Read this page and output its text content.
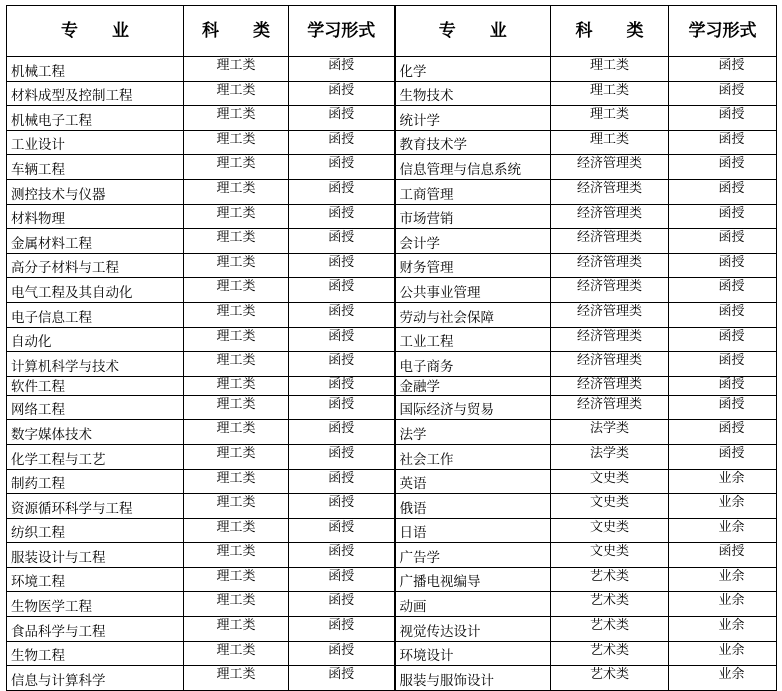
专 业	科 类	学习形式	专 业	科 类	学习形式
机械工程	理工类	函授	化学	理工类	函授
材料成型及控制工程	理工类	函授	生物技术	理工类	函授
机械电子工程	理工类	函授	统计学	理工类	函授
工业设计	理工类	函授	教育技术学	理工类	函授
车辆工程	理工类	函授	信息管理与信息系统	经济管理类	函授
测控技术与仪器	理工类	函授	工商管理	经济管理类	函授
材料物理	理工类	函授	市场营销	经济管理类	函授
金属材料工程	理工类	函授	会计学	经济管理类	函授
高分子材料与工程	理工类	函授	财务管理	经济管理类	函授
电气工程及其自动化	理工类	函授	公共事业管理	经济管理类	函授
电子信息工程	理工类	函授	劳动与社会保障	经济管理类	函授
自动化	理工类	函授	工业工程	经济管理类	函授
计算机科学与技术	理工类	函授	电子商务	经济管理类	函授
软件工程	理工类	函授	金融学	经济管理类	函授
网络工程	理工类	函授	国际经济与贸易	经济管理类	函授
数字媒体技术	理工类	函授	法学	法学类	函授
化学工程与工艺	理工类	函授	社会工作	法学类	函授
制药工程	理工类	函授	英语	文史类	业余
资源循环科学与工程	理工类	函授	俄语	文史类	业余
纺织工程	理工类	函授	日语	文史类	业余
服装设计与工程	理工类	函授	广告学	文史类	函授
环境工程	理工类	函授	广播电视编导	艺术类	业余
生物医学工程	理工类	函授	动画	艺术类	业余
食品科学与工程	理工类	函授	视觉传达设计	艺术类	业余
生物工程	理工类	函授	环境设计	艺术类	业余
信息与计算科学	理工类	函授	服装与服饰设计	艺术类	业余
